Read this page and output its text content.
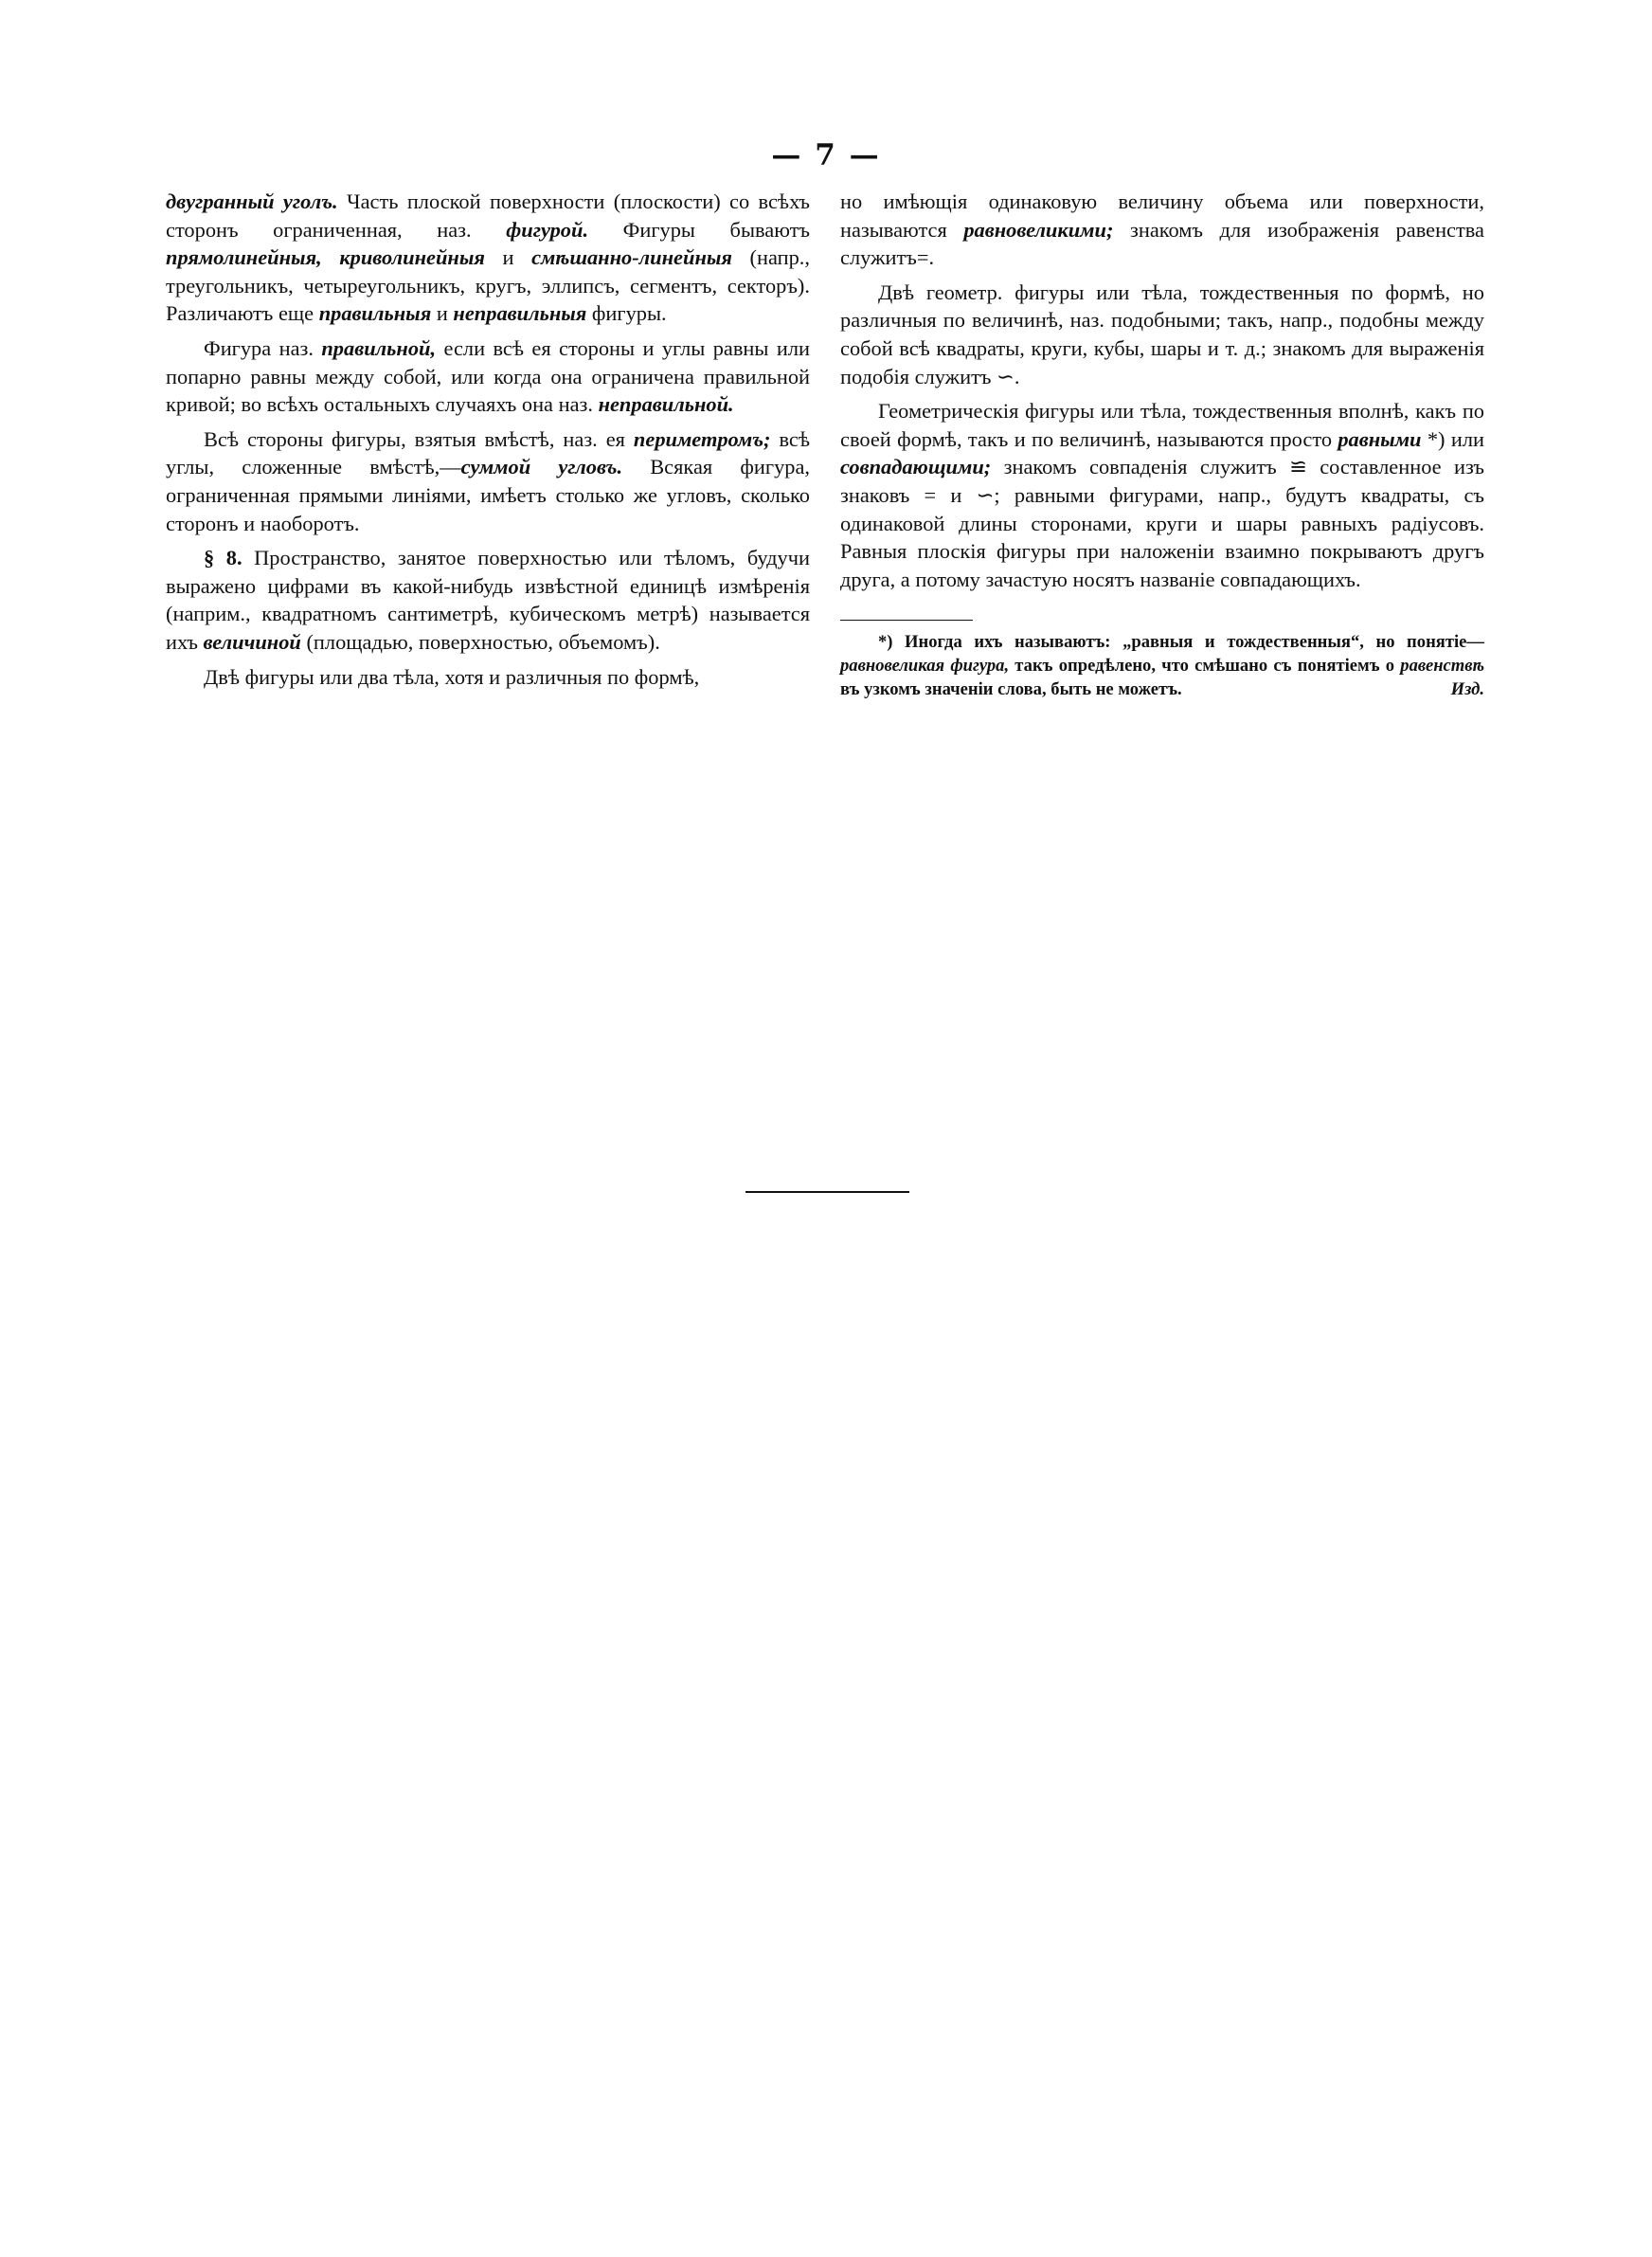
— 7 —

двугранный уголъ. Часть плоской поверхности (плоскости) со всѣхъ сторонъ ограниченная, наз. фигурой. Фигуры бываютъ прямолинейныя, криволинейныя и смѣшанно-линейныя (напр., треугольникъ, четыреугольникъ, кругъ, эллипсъ, сегментъ, секторъ). Различаютъ еще правильныя и неправильныя фигуры.

Фигура наз. правильной, если всѣ ея стороны и углы равны или попарно равны между собой, или когда она ограничена правильной кривой; во всѣхъ остальныхъ случаяхъ она наз. неправильной.

Всѣ стороны фигуры, взятыя вмѣстѣ, наз. ея периметромъ; всѣ углы, сложенные вмѣстѣ,—суммой угловъ. Всякая фигура, ограниченная прямыми линіями, имѣетъ столько же угловъ, сколько сторонъ и наоборотъ.

§ 8. Пространство, занятое поверхностью или тѣломъ, будучи выражено цифрами въ какой-нибудь извѣстной единицѣ измѣренія (наприм., квадратномъ сантиметрѣ, кубическомъ метрѣ) называется ихъ величиной (площадью, поверхностью, объемомъ).

Двѣ фигуры или два тѣла, хотя и различныя по формѣ,

но имѣющія одинаковую величину объема или поверхности, называются равновеликими; знакомъ для изображенія равенства служитъ=.

Двѣ геометр. фигуры или тѣла, тождественныя по формѣ, но различныя по величинѣ, наз. подобными; такъ, напр., подобны между собой всѣ квадраты, круги, кубы, шары и т. д.; знакомъ для выраженія подобія служитъ ∽.

Геометрическія фигуры или тѣла, тождественныя вполнѣ, какъ по своей формѣ, такъ и по величинѣ, называются просто равными *) или совпадающими; знакомъ совпаденія служитъ ≌ составленное изъ знаковъ = и ∽; равными фигурами, напр., будутъ квадраты, съ одинаковой длины сторонами, круги и шары равныхъ радіусовъ. Равныя плоскія фигуры при наложеніи взаимно покрываютъ другъ друга, а потому зачастую носятъ названіе совпадающихъ.

*) Иногда ихъ называютъ: „равныя и тождественныя“, но понятіе—равновеликая фигура, такъ опредѣлено, что смѣшано съ понятіемъ о равенствѣ въ узкомъ значеніи слова, быть не можетъ.	Изд.
